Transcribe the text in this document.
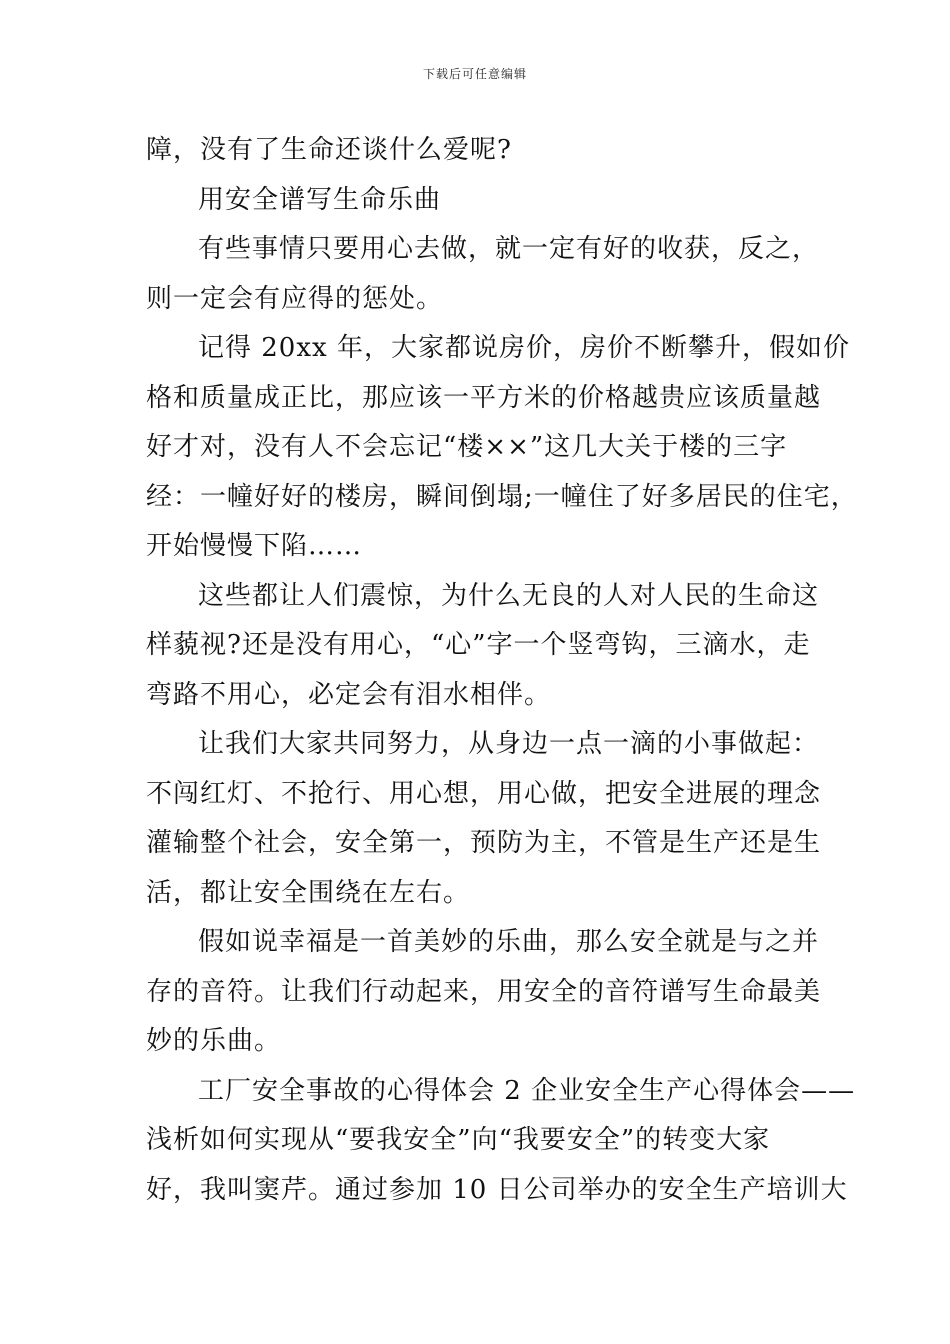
下载后可任意编辑
障，没有了生命还谈什么爱呢?
用安全谱写生命乐曲
有些事情只要用心去做，就一定有好的收获，反之，
则一定会有应得的惩处。
记得 20xx 年，大家都说房价，房价不断攀升，假如价
格和质量成正比，那应该一平方米的价格越贵应该质量越
好才对，没有人不会忘记“楼××”这几大关于楼的三字
经：一幢好好的楼房，瞬间倒塌;一幢住了好多居民的住宅，
开始慢慢下陷……
这些都让人们震惊，为什么无良的人对人民的生命这
样藐视?还是没有用心，“心”字一个竖弯钩，三滴水，走
弯路不用心，必定会有泪水相伴。
让我们大家共同努力，从身边一点一滴的小事做起：
不闯红灯、不抢行、用心想，用心做，把安全进展的理念
灌输整个社会，安全第一，预防为主，不管是生产还是生
活，都让安全围绕在左右。
假如说幸福是一首美妙的乐曲，那么安全就是与之并
存的音符。让我们行动起来，用安全的音符谱写生命最美
妙的乐曲。
工厂安全事故的心得体会 2 企业安全生产心得体会——
浅析如何实现从“要我安全”向“我要安全”的转变大家
好，我叫窦芹。通过参加 10 日公司举办的安全生产培训大
